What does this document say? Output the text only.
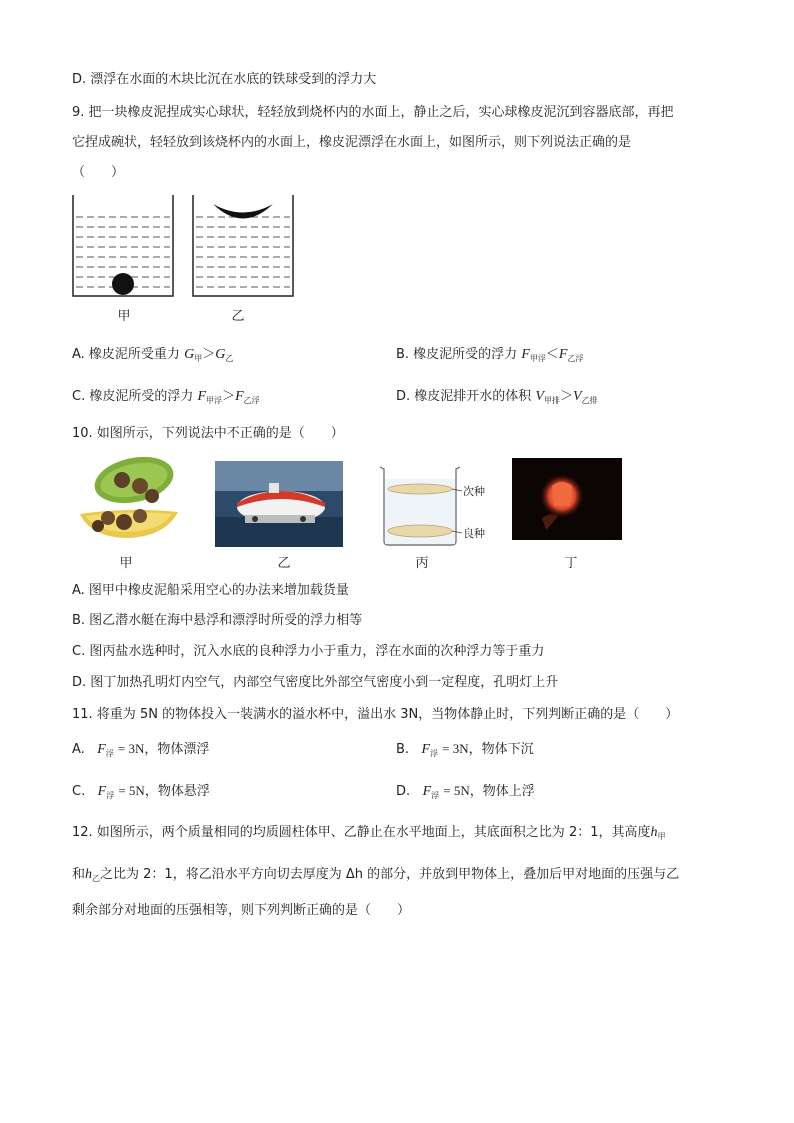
D. 漂浮在水面的木块比沉在水底的铁球受到的浮力大
9. 把一块橡皮泥捏成实心球状，轻轻放到烧杯内的水面上，静止之后，实心球橡皮泥沉到容器底部，再把
它捏成碗状，轻轻放到该烧杯内的水面上，橡皮泥漂浮在水面上，如图所示，则下列说法正确的是
（　　）
甲	乙
A. 橡皮泥所受重力 $G_甲>G_乙$	B. 橡皮泥所受的浮力 $F_{甲浮}<F_{乙浮}$
C. 橡皮泥所受的浮力 $F_{甲浮}>F_{乙浮}$	D. 橡皮泥排开水的体积 $V_{甲排}>V_{乙排}$
10. 如图所示，下列说法中不正确的是（　　）
次种
良种
甲	乙	丙	丁
A. 图甲中橡皮泥船采用空心的办法来增加载货量
B. 图乙潜水艇在海中悬浮和漂浮时所受的浮力相等
C. 图丙盐水选种时，沉入水底的良种浮力小于重力，浮在水面的次种浮力等于重力
D. 图丁加热孔明灯内空气，内部空气密度比外部空气密度小到一定程度，孔明灯上升
11. 将重为 5N 的物体投入一装满水的溢水杯中，溢出水 3N，当物体静止时，下列判断正确的是（　　）
A. $F_浮 = 3N$，物体漂浮	B. $F_浮 = 3N$，物体下沉
C. $F_浮 = 5N$，物体悬浮	D. $F_浮 = 5N$，物体上浮
12. 如图所示，两个质量相同的均质圆柱体甲、乙静止在水平地面上，其底面积之比为 2：1，其高度$h_甲$
和$h_乙$之比为 2：1，将乙沿水平方向切去厚度为 Δh 的部分，并放到甲物体上，叠加后甲对地面的压强与乙
剩余部分对地面的压强相等，则下列判断正确的是（　　）
